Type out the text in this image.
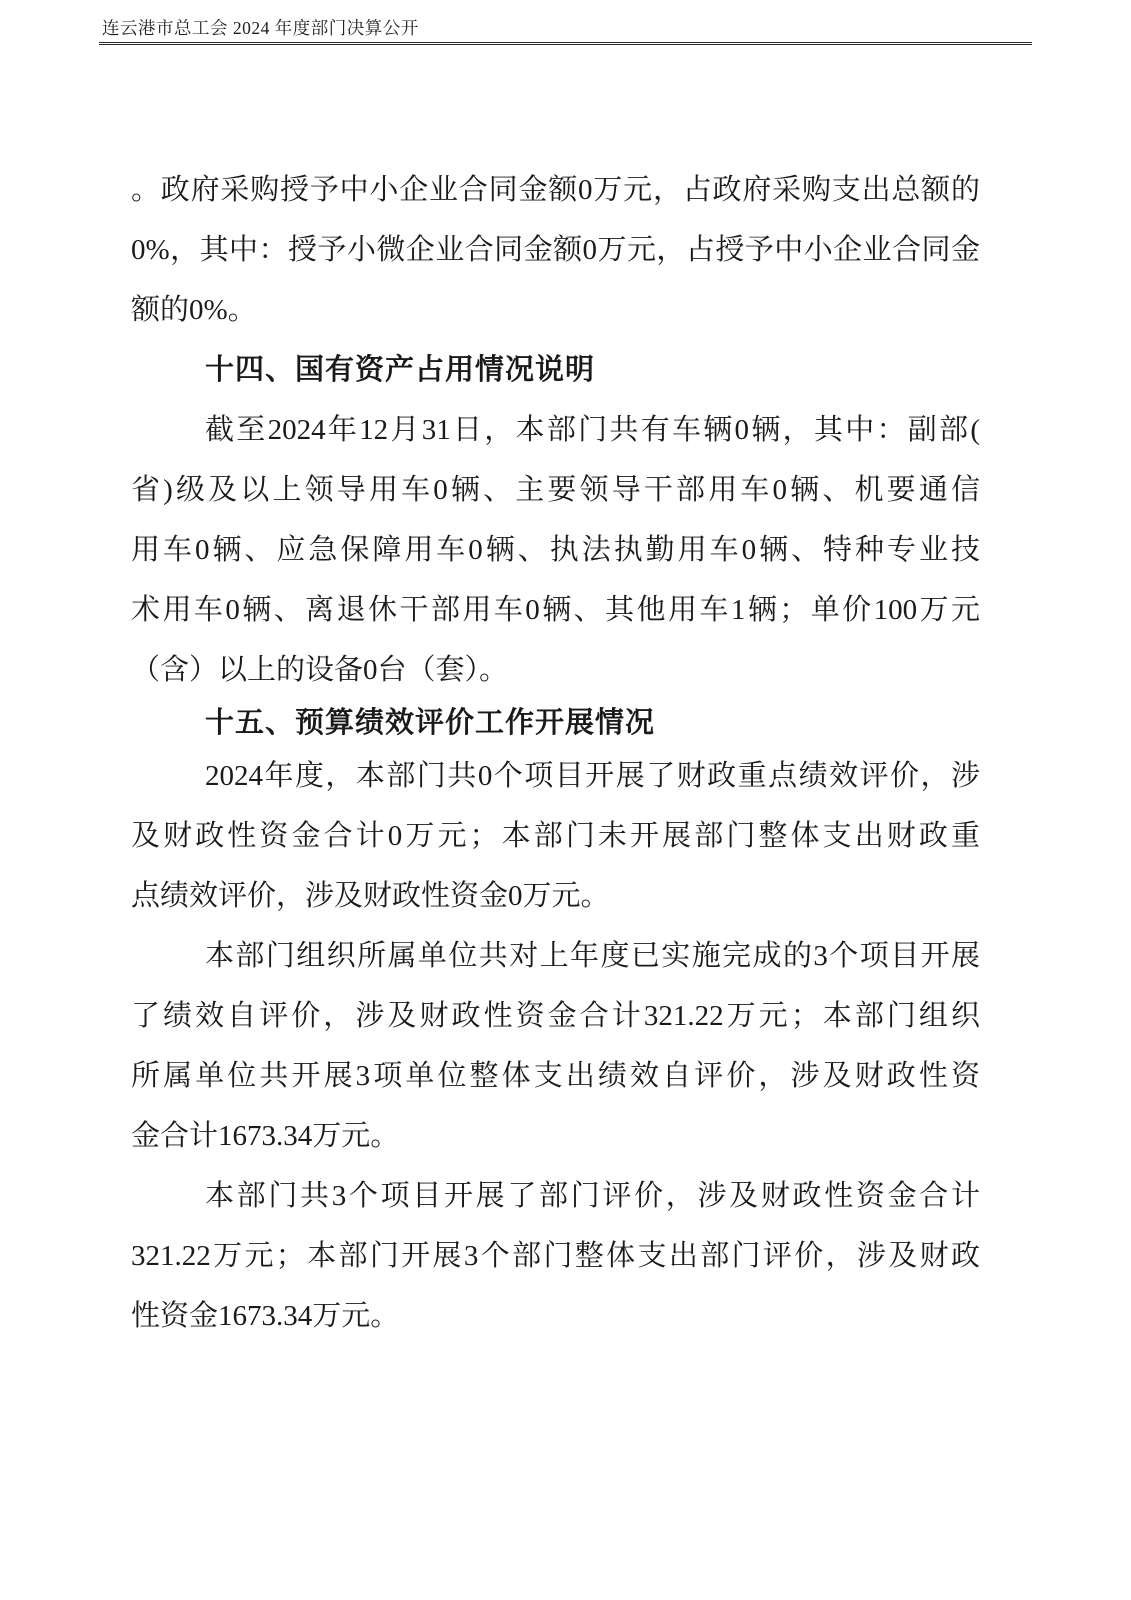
连云港市总工会 2024 年度部门决算公开
。政府采购授予中小企业合同金额0万元，占政府采购支出总额的
0%，其中：授予小微企业合同金额0万元，占授予中小企业合同金
额的0%。
十四、国有资产占用情况说明
截至2024年12月31日，本部门共有车辆0辆，其中：副部(
省)级及以上领导用车0辆、主要领导干部用车0辆、机要通信
用车0辆、应急保障用车0辆、执法执勤用车0辆、特种专业技
术用车0辆、离退休干部用车0辆、其他用车1辆；单价100万元
（含）以上的设备0台（套）。
十五、预算绩效评价工作开展情况
2024年度，本部门共0个项目开展了财政重点绩效评价，涉
及财政性资金合计0万元；本部门未开展部门整体支出财政重
点绩效评价，涉及财政性资金0万元。
本部门组织所属单位共对上年度已实施完成的3个项目开展
了绩效自评价，涉及财政性资金合计321.22万元；本部门组织
所属单位共开展3项单位整体支出绩效自评价，涉及财政性资
金合计1673.34万元。
本部门共3个项目开展了部门评价，涉及财政性资金合计
321.22万元；本部门开展3个部门整体支出部门评价，涉及财政
性资金1673.34万元。
